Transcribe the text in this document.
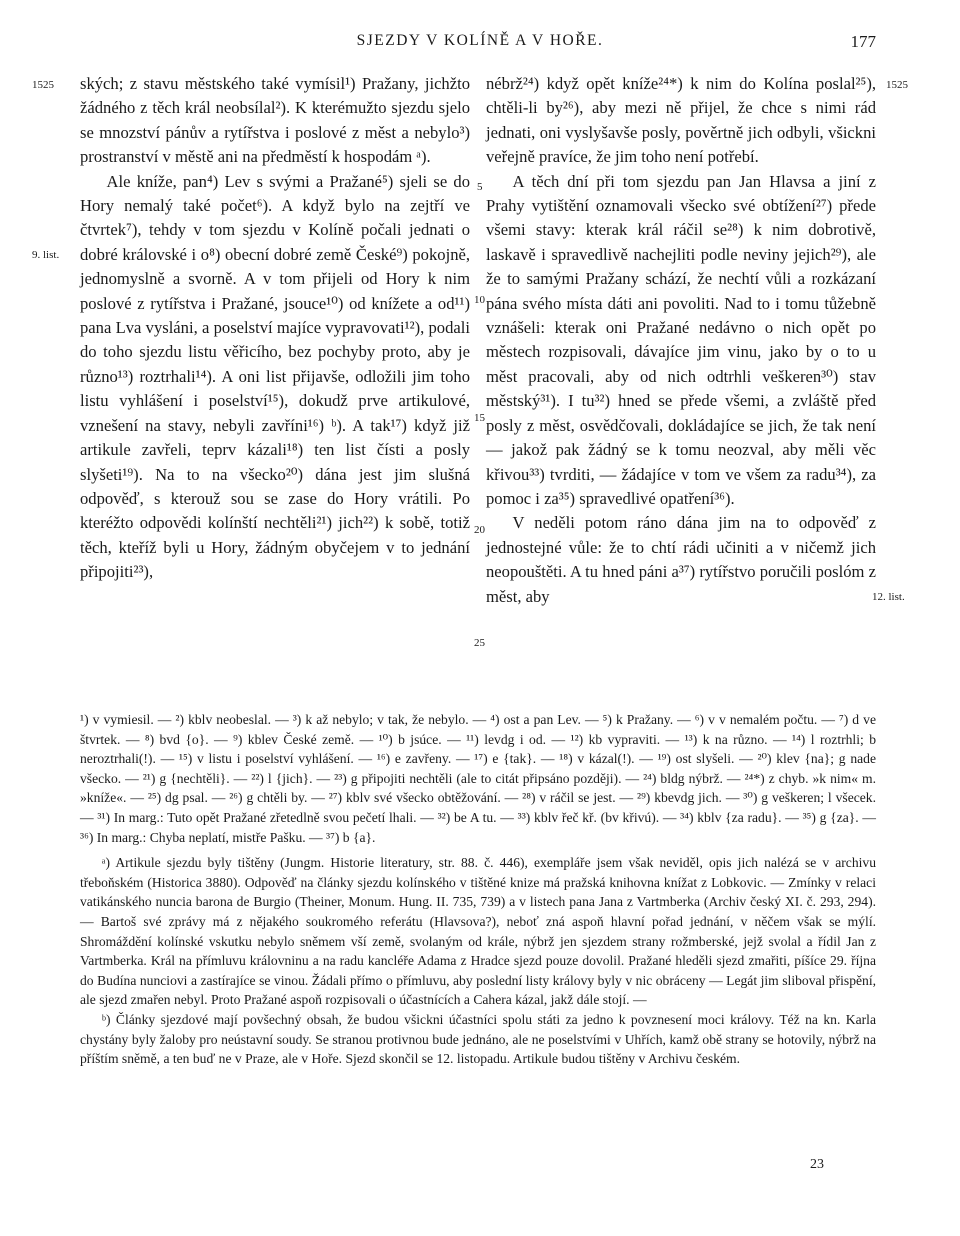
SJEZDY V KOLÍNĚ A V HOŘE.	177
1525	1525
9. list.
12. list.
5
10
15
20
25

ských; z stavu městského také vymísil¹) Pražany, jichžto žádného z těch král neobsílal²). K kterémužto sjezdu sjelo se mnozství pánův a rytířstva i poslové z měst a nebylo³) prostranství v městě ani na předměstí k hospodám ᵃ).

Ale kníže, pan⁴) Lev s svými a Pražané⁵) sjeli se do Hory nemalý také počet⁶). A když bylo na zejtří ve čtvrtek⁷), tehdy v tom sjezdu v Kolíně počali jednati o dobré královské i o⁸) obecní dobré země České⁹) pokojně, jednomyslně a svorně. A v tom přijeli od Hory k nim poslové z rytířstva i Pražané, jsouce¹⁰) od knížete a od¹¹) pana Lva vysláni, a poselství majíce vypravovati¹²), podali do toho sjezdu listu věřicího, bez pochyby proto, aby je různo¹³) roztrhali¹⁴). A oni list přijavše, odložili jim toho listu vyhlášení i poselství¹⁵), dokudž prve artikulové, vznešení na stavy, nebyli zavříni¹⁶) ᵇ). A tak¹⁷) když již artikule zavřeli, teprv kázali¹⁸) ten list čísti a posly slyšeti¹⁹). Na to na všecko²⁰) dána jest jim slušná odpověď, s kterouž sou se zase do Hory vrátili. Po kteréžto odpovědi kolínští nechtěli²¹) jich²²) k sobě, totiž těch, kteříž byli u Hory, žádným obyčejem v to jednání připojiti²³),

nébrž²⁴) když opět kníže²⁴*) k nim do Kolína poslal²⁵), chtěli-li by²⁶), aby mezi ně přijel, že chce s nimi rád jednati, oni vyslyšavše posly, pověrtně jich odbyli, všickni veřejně pravíce, že jim toho není potřebí.

A těch dní při tom sjezdu pan Jan Hlavsa a jiní z Prahy vytištění oznamovali všecko své obtížení²⁷) přede všemi stavy: kterak král ráčil se²⁸) k nim dobrotivě, laskavě i spravedlivě nachejliti podle neviny jejich²⁹), ale že to samými Pražany schází, že nechtí vůli a rozkázaní pána svého místa dáti ani povoliti. Nad to i tomu tůžebně vznášeli: kterak oni Pražané nedávno o nich opět po městech rozpisovali, dávajíce jim vinu, jako by o to u měst pracovali, aby od nich odtrhli veškeren³⁰) stav městský³¹). I tu³²) hned se přede všemi, a zvláště před posly z měst, osvědčovali, dokládajíce se jich, že tak není — jakož pak žádný se k tomu neozval, aby měli věc křivou³³) tvrditi, — žádajíce v tom ve všem za radu³⁴), za pomoc i za³⁵) spravedlivé opatření³⁶).

V neděli potom ráno dána jim na to odpověď z jednostejné vůle: že to chtí rádi učiniti a v ničemž jich neopouštěti. A tu hned páni a³⁷) rytířstvo poručili poslóm z měst, aby

¹) v vymiesil. — ²) kblv neobeslal. — ³) k až nebylo; v tak, že nebylo. — ⁴) ost a pan Lev. — ⁵) k Pražany. — ⁶) v v nemalém počtu. — ⁷) d ve štvrtek. — ⁸) bvd {o}. — ⁹) kblev České země. — ¹⁰) b jsúce. — ¹¹) levdg i od. — ¹²) kb vypraviti. — ¹³) k na různo. — ¹⁴) l roztrhli; b neroztrhali(!). — ¹⁵) v listu i poselství vyhlášení. — ¹⁶) e zavřeny. — ¹⁷) e {tak}. — ¹⁸) v kázal(!). — ¹⁹) ost slyšeli. — ²⁰) klev {na}; g nade všecko. — ²¹) g {nechtěli}. — ²²) l {jich}. — ²³) g připojiti nechtěli (ale to citát připsáno později). — ²⁴) bldg nýbrž. — ²⁴*) z chyb. »k nim« m. »kníže«. — ²⁵) dg psal. — ²⁶) g chtěli by. — ²⁷) kblv své všecko obtěžování. — ²⁸) v ráčil se jest. — ²⁹) kbevdg jich. — ³⁰) g veškeren; l všecek. — ³¹) In marg.: Tuto opět Pražané zřetedlně svou pečetí lhali. — ³²) be A tu. — ³³) kblv řeč kř. (bv křivú). — ³⁴) kblv {za radu}. — ³⁵) g {za}. — ³⁶) In marg.: Chyba neplatí, mistře Pašku. — ³⁷) b {a}.

ᵃ) Artikule sjezdu byly tištěny (Jungm. Historie literatury, str. 88. č. 446), exempláře jsem však neviděl, opis jich nalézá se v archivu třeboňském (Historica 3880). Odpověď na články sjezdu kolínského v tištěné knize má pražská knihovna knížat z Lobkovic. — Zmínky v relaci vatikánského nuncia barona de Burgio (Theiner, Monum. Hung. II. 735, 739) a v listech pana Jana z Vartmberka (Archiv český XI. č. 293, 294). — Bartoš své zprávy má z nějakého soukromého referátu (Hlavsova?), neboť zná aspoň hlavní pořad jednání, v něčem však se mýlí. Shromáždění kolínské vskutku nebylo sněmem vší země, svolaným od krále, nýbrž jen sjezdem strany rožmberské, jejž svolal a řídil Jan z Vartmberka. Král na přímluvu královninu a na radu kancléře Adama z Hradce sjezd pouze dovolil. Pražané hleděli sjezd zmařiti, píšíce 29. října do Budína nunciovi a zastírajíce se vinou. Žádali přímo o přímluvu, aby poslední listy královy byly v nic obráceny — Legát jim sliboval přispění, ale sjezd zmařen nebyl. Proto Pražané aspoň rozpisovali o účastnících a Cahera kázal, jakž dále stojí. —

ᵇ) Články sjezdové mají povšechný obsah, že budou všickni účastníci spolu státi za jedno k povznesení moci královy. Též na kn. Karla chystány byly žaloby pro neústavní soudy. Se stranou protivnou bude jednáno, ale ne poselstvími v Uhřích, kamž obě strany se hotovily, nýbrž na příštím sněmě, a ten buď ne v Praze, ale v Hoře. Sjezd skončil se 12. listopadu. Artikule budou tištěny v Archivu českém.

23
